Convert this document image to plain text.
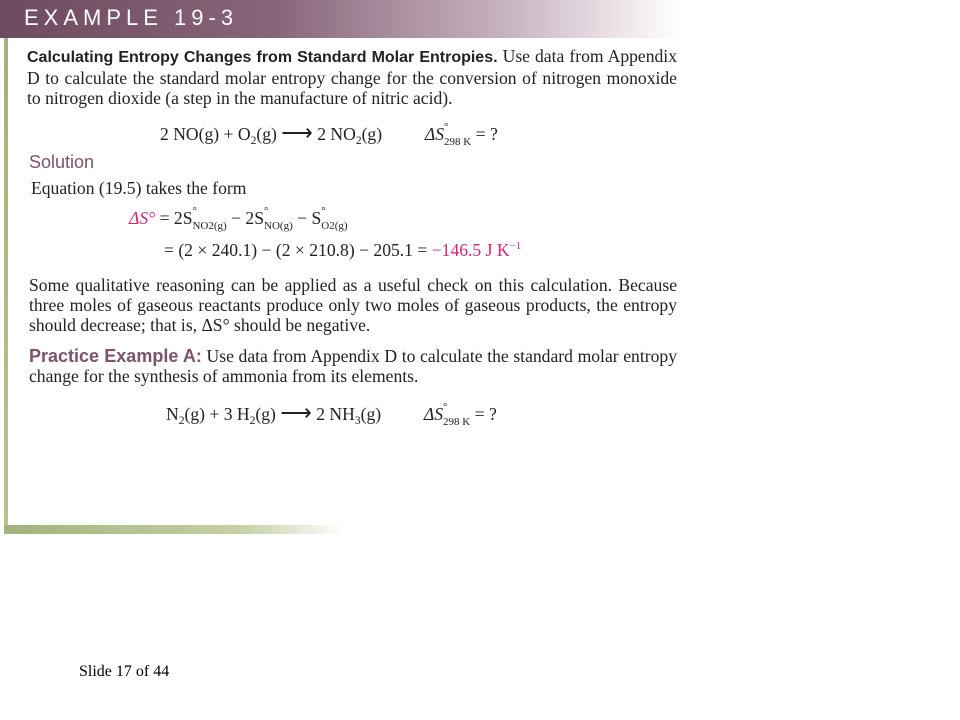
EXAMPLE 19-3
Calculating Entropy Changes from Standard Molar Entropies. Use data from Appendix D to calculate the standard molar entropy change for the conversion of nitrogen monoxide to nitrogen dioxide (a step in the manufacture of nitric acid).
2 $NO(g) + O_2(g)$ ⟶ 2 $NO_2(g)$ ΔS °
298 K = ?
Solution
Equation (19.5) takes the form
ΔS° = 2S °
NO2(g) − 2S °
NO(g) − S °
O2(g)
= (2 × 240.1) − (2 × 210.8) − 205.1 = −146.5 J $K^{-1}$
Some qualitative reasoning can be applied as a useful check on this calculation. Because three moles of gaseous reactants produce only two moles of gaseous products, the entropy should decrease; that is, ΔS° should be negative.
Practice Example A: Use data from Appendix D to calculate the standard molar entropy change for the synthesis of ammonia from its elements.
$N_2(g) + 3$ $H_2(g)$ ⟶ 2 $NH_3(g)$ ΔS °
298 K = ?
Slide 17 of 44
